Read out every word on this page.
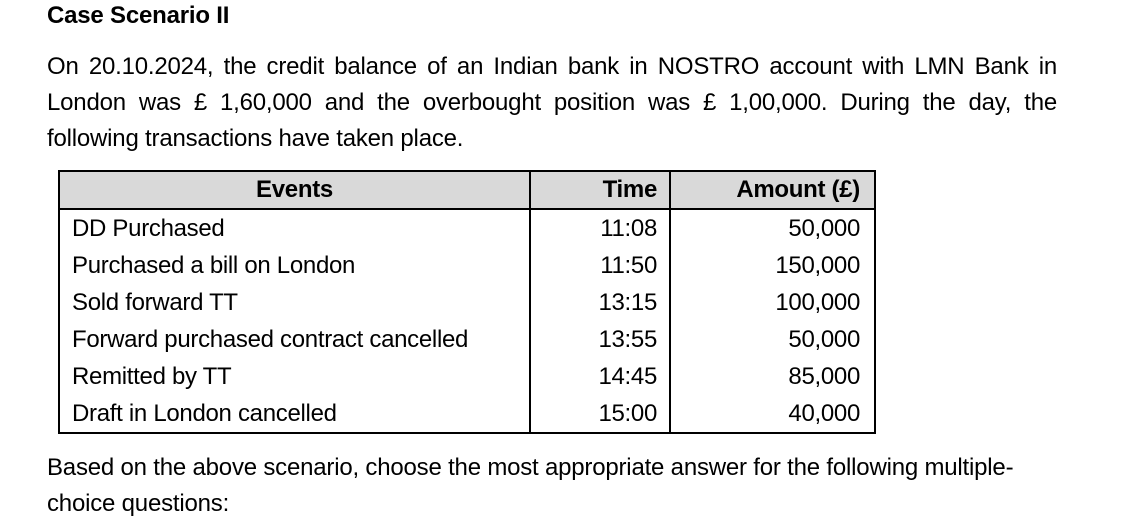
Case Scenario II

On 20.10.2024, the credit balance of an Indian bank in NOSTRO account with LMN Bank in London was £ 1,60,000 and the overbought position was £ 1,00,000. During the day, the following transactions have taken place.

Events	Time	Amount (£)
DD Purchased	11:08	50,000
Purchased a bill on London	11:50	150,000
Sold forward TT	13:15	100,000
Forward purchased contract cancelled	13:55	50,000
Remitted by TT	14:45	85,000
Draft in London cancelled	15:00	40,000

Based on the above scenario, choose the most appropriate answer for the following multiple-choice questions:
